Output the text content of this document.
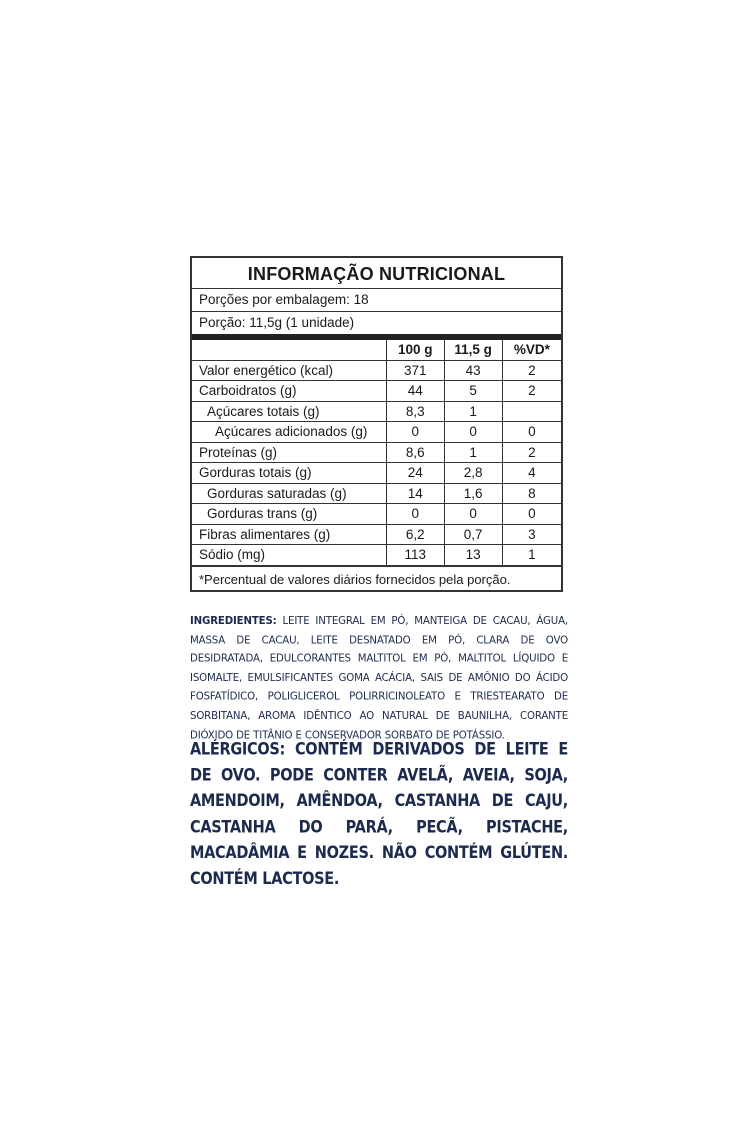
INFORMAÇÃO NUTRICIONAL
Porções por embalagem: 18
Porção: 11,5g (1 unidade)
	100 g	11,5 g	%VD*
Valor energético (kcal)	371	43	2
Carboidratos (g)	44	5	2
Açúcares totais (g)	8,3	1	
Açúcares adicionados (g)	0	0	0
Proteínas (g)	8,6	1	2
Gorduras totais (g)	24	2,8	4
Gorduras saturadas (g)	14	1,6	8
Gorduras trans (g)	0	0	0
Fibras alimentares (g)	6,2	0,7	3
Sódio (mg)	113	13	1
*Percentual de valores diários fornecidos pela porção.
INGREDIENTES: LEITE INTEGRAL EM PÓ, MANTEIGA DE CACAU, ÁGUA, MASSA DE CACAU, LEITE DESNATADO EM PÓ, CLARA DE OVO DESIDRATADA, EDULCORANTES MALTITOL EM PÓ, MALTITOL LÍQUIDO E ISOMALTE, EMULSIFICANTES GOMA ACÁCIA, SAIS DE AMÔNIO DO ÁCIDO FOSFATÍDICO, POLIGLICEROL POLIRRICINOLEATO E TRIESTEARATO DE SORBITANA, AROMA IDÊNTICO AO NATURAL DE BAUNILHA, CORANTE DIÓXIDO DE TITÂNIO E CONSERVADOR SORBATO DE POTÁSSIO.
ALÉRGICOS: CONTÉM DERIVADOS DE LEITE E DE OVO. PODE CONTER AVELÃ, AVEIA, SOJA, AMENDOIM, AMÊNDOA, CASTANHA DE CAJU, CASTANHA DO PARÁ, PECÃ, PISTACHE, MACADÂMIA E NOZES. NÃO CONTÉM GLÚTEN. CONTÉM LACTOSE.
